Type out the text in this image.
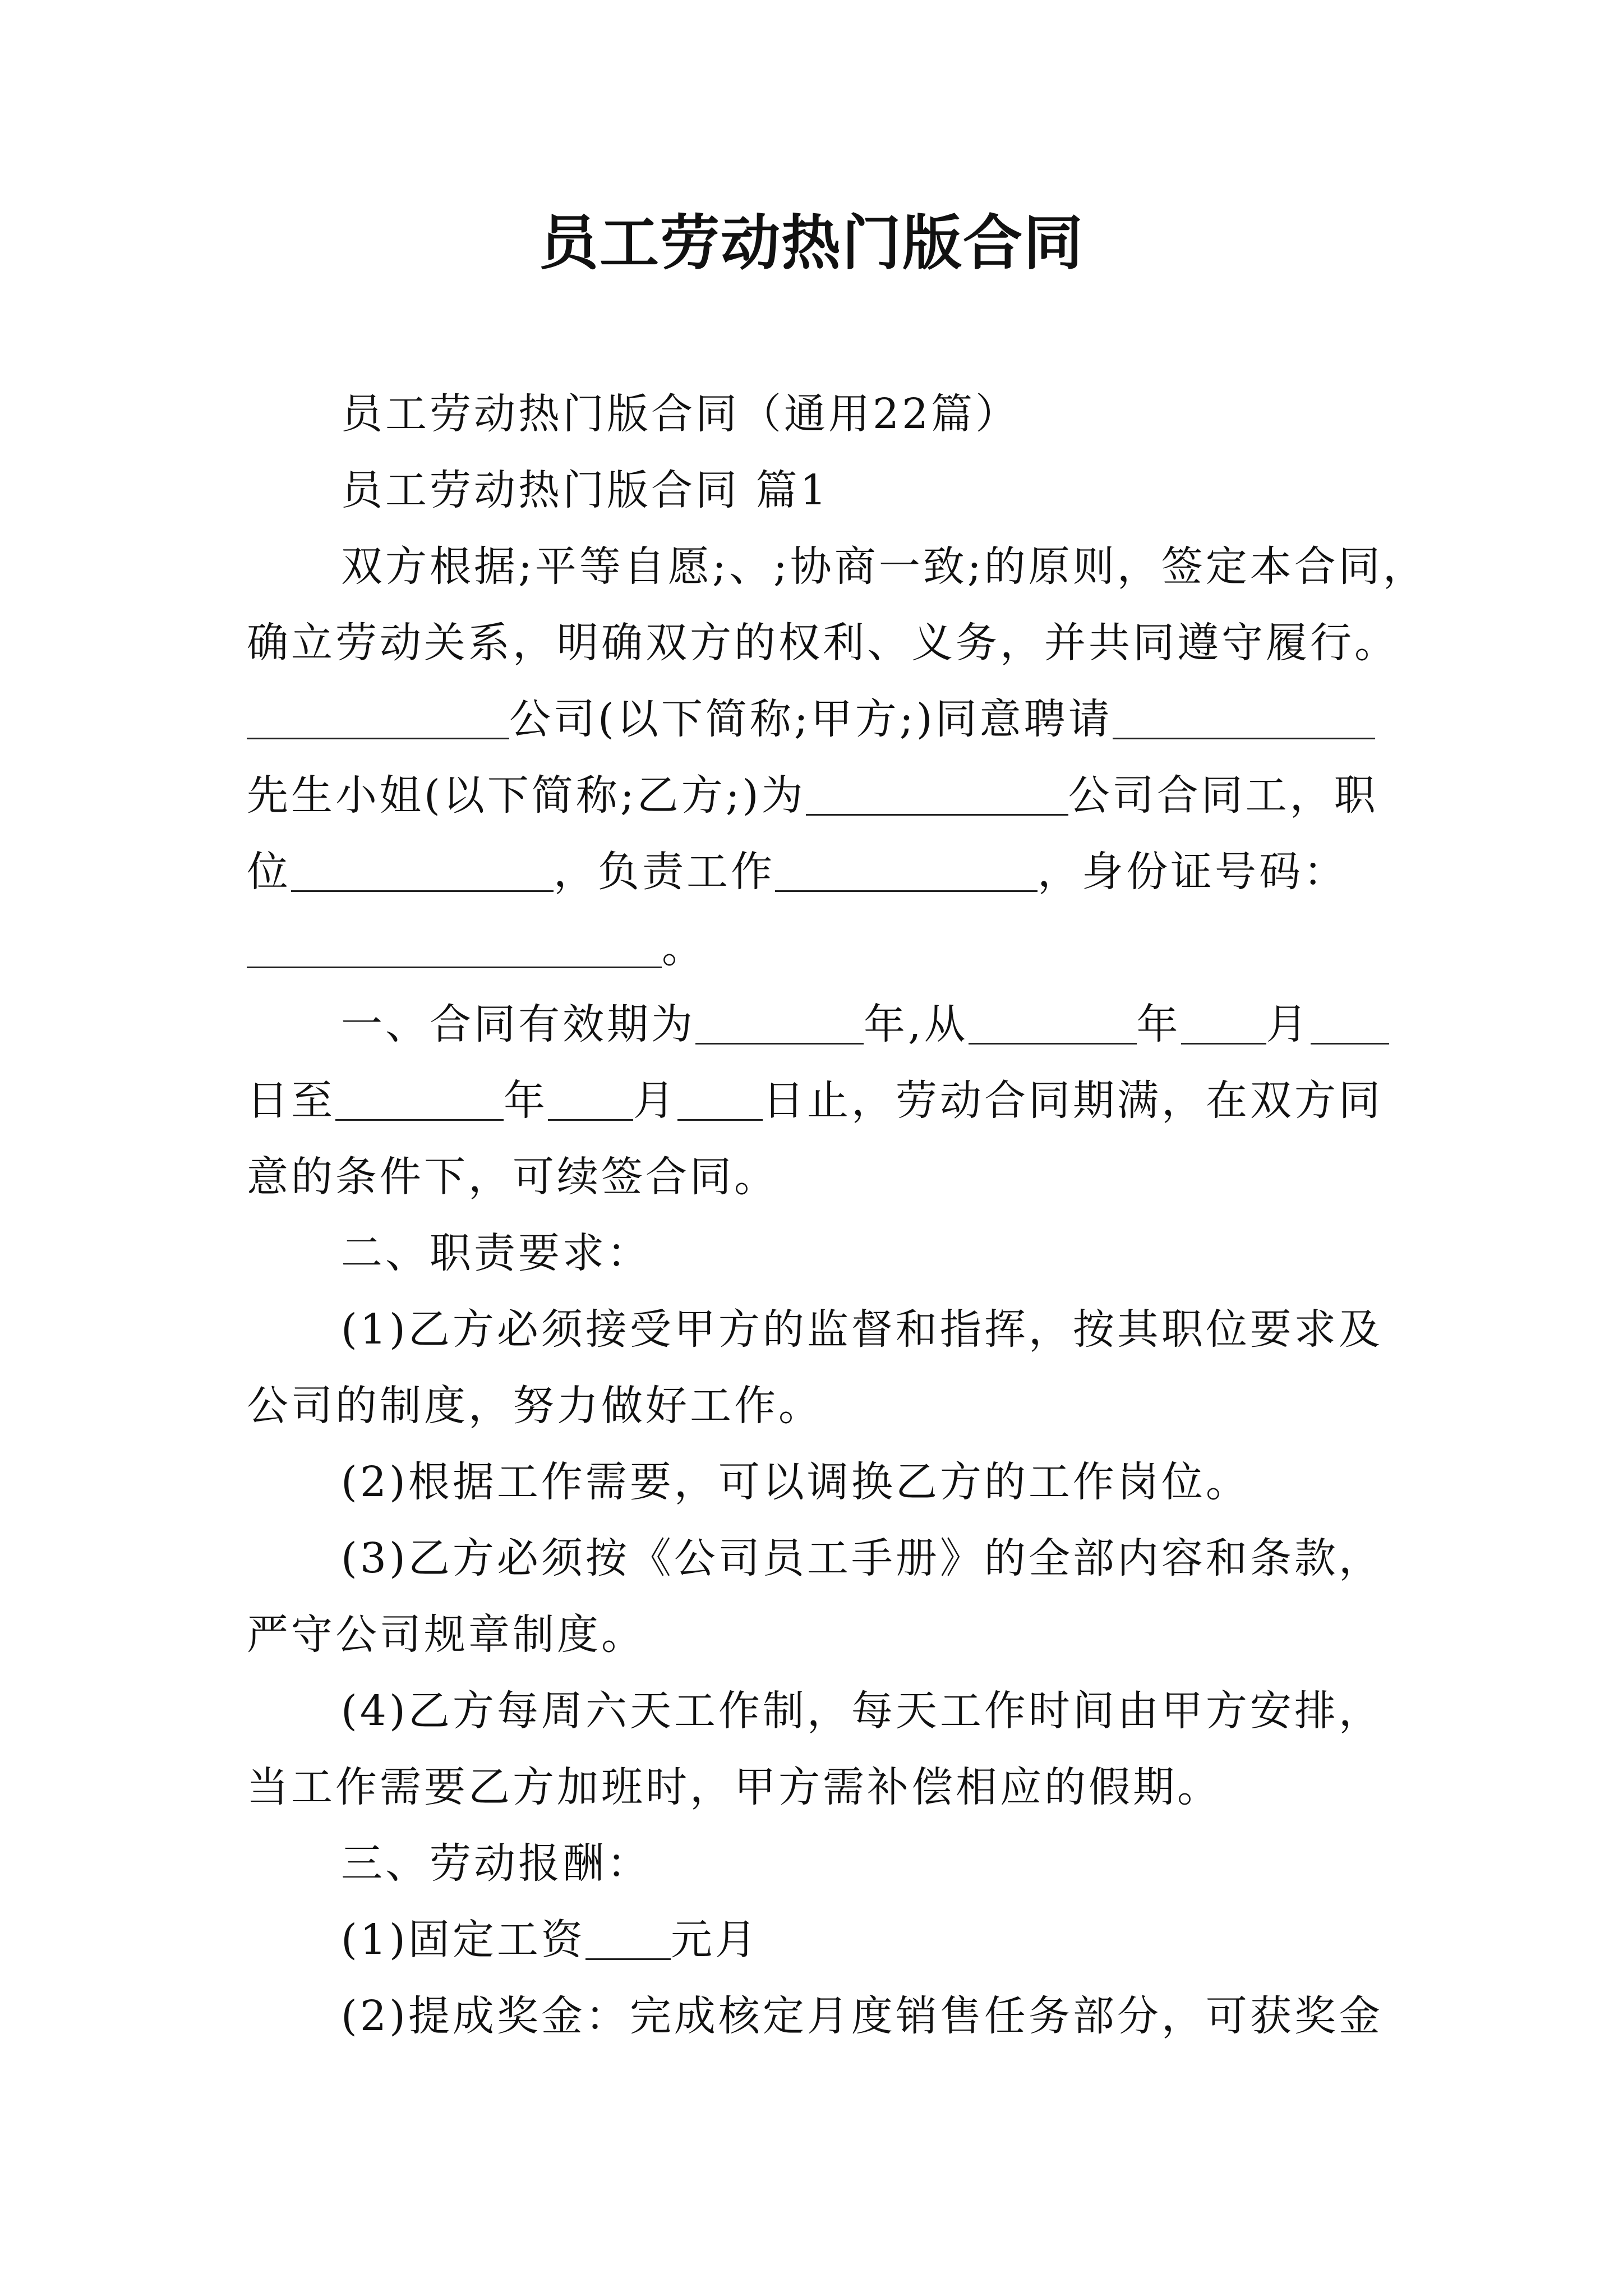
员工劳动热门版合同
员工劳动热门版合同（通用22篇）
员工劳动热门版合同 篇1
双方根据;平等自愿;、;协商一致;的原则，签定本合同，
确立劳动关系，明确双方的权利、义务，并共同遵守履行。
公司(以下简称;甲方;)同意聘请
先生小姐(以下简称;乙方;)为	公司合同工，职
位	，负责工作	，身份证号码：
。
一、合同有效期为	年,从	年 月
日至	年 月 日止，劳动合同期满，在双方同
意的条件下，可续签合同。
二、职责要求：
(1)乙方必须接受甲方的监督和指挥，按其职位要求及
公司的制度，努力做好工作。
(2)根据工作需要，可以调换乙方的工作岗位。
(3)乙方必须按《公司员工手册》的全部内容和条款，
严守公司规章制度。
(4)乙方每周六天工作制，每天工作时间由甲方安排，
当工作需要乙方加班时，甲方需补偿相应的假期。
三、劳动报酬：
(1)固定工资 元月
(2)提成奖金：完成核定月度销售任务部分，可获奖金
